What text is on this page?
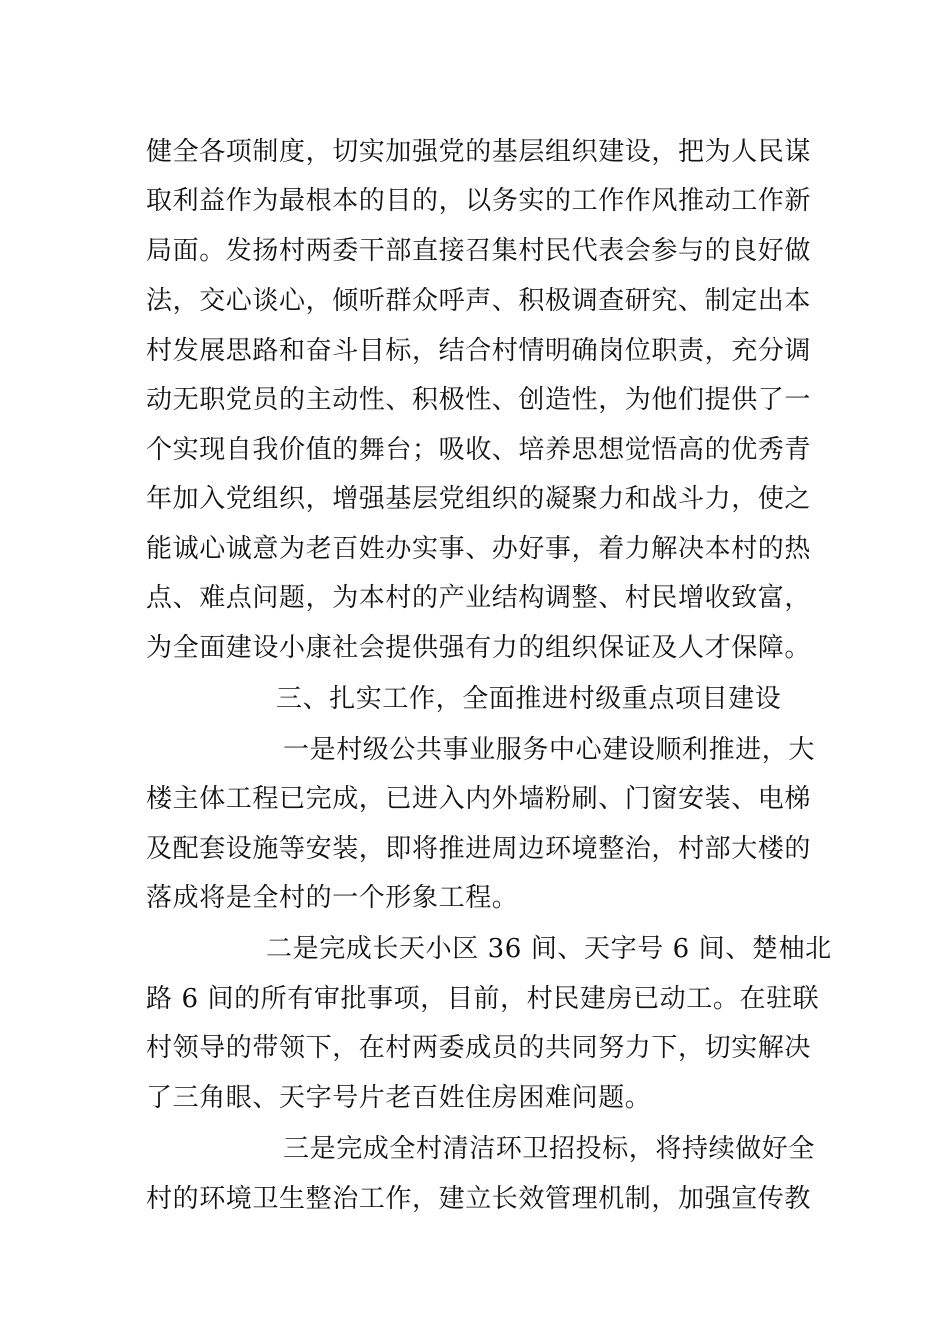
健全各项制度，切实加强党的基层组织建设，把为人民谋
取利益作为最根本的目的，以务实的工作作风推动工作新
局面。发扬村两委干部直接召集村民代表会参与的良好做
法，交心谈心，倾听群众呼声、积极调查研究、制定出本
村发展思路和奋斗目标，结合村情明确岗位职责，充分调
动无职党员的主动性、积极性、创造性，为他们提供了一
个实现自我价值的舞台；吸收、培养思想觉悟高的优秀青
年加入党组织，增强基层党组织的凝聚力和战斗力，使之
能诚心诚意为老百姓办实事、办好事，着力解决本村的热
点、难点问题，为本村的产业结构调整、村民增收致富，
为全面建设小康社会提供强有力的组织保证及人才保障。
三、扎实工作，全面推进村级重点项目建设
一是村级公共事业服务中心建设顺利推进，大
楼主体工程已完成，已进入内外墙粉刷、门窗安装、电梯
及配套设施等安装，即将推进周边环境整治，村部大楼的
落成将是全村的一个形象工程。
二是完成长天小区 36 间、天字号 6 间、楚柚北
路 6 间的所有审批事项，目前，村民建房已动工。在驻联
村领导的带领下，在村两委成员的共同努力下，切实解决
了三角眼、天字号片老百姓住房困难问题。
三是完成全村清洁环卫招投标，将持续做好全
村的环境卫生整治工作，建立长效管理机制，加强宣传教
